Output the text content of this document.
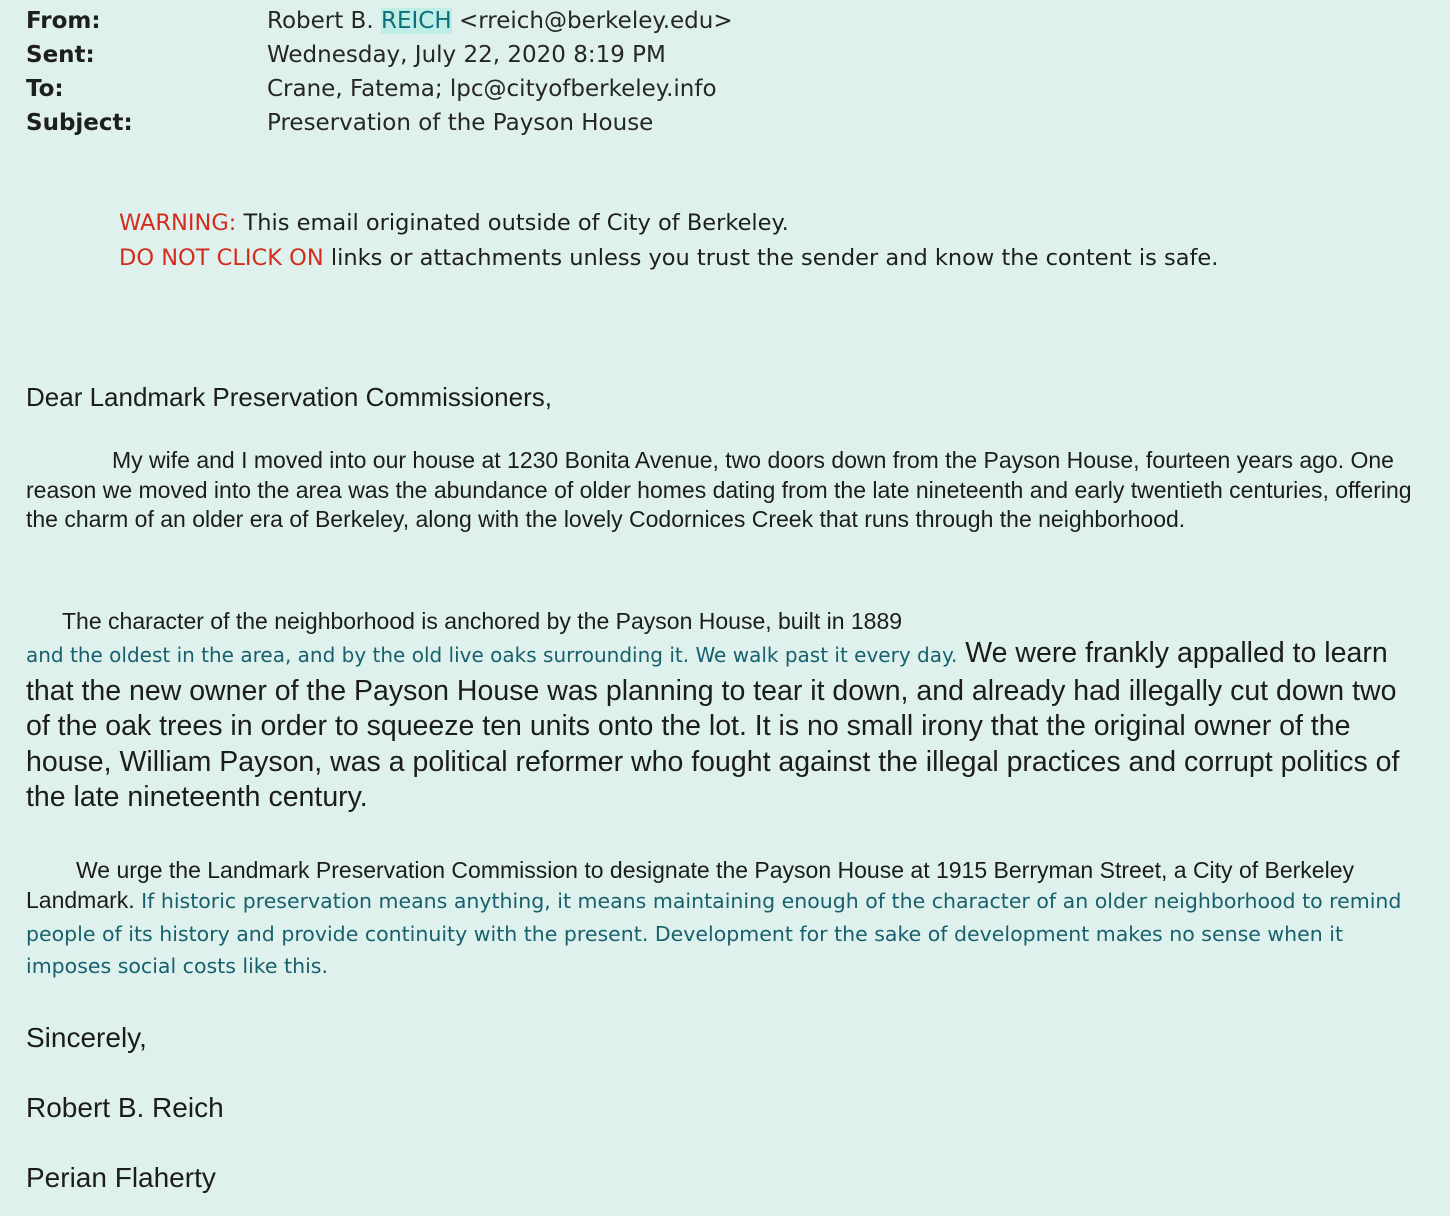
From:	Robert B. REICH <rreich@berkeley.edu>
Sent:	Wednesday, July 22, 2020 8:19 PM
To:	Crane, Fatema; lpc@cityofberkeley.info
Subject:	Preservation of the Payson House
WARNING: This email originated outside of City of Berkeley.
DO NOT CLICK ON links or attachments unless you trust the sender and know the content is safe.
Dear Landmark Preservation Commissioners,
My wife and I moved into our house at 1230 Bonita Avenue, two doors down from the Payson House, fourteen years ago. One reason we moved into the area was the abundance of older homes dating from the late nineteenth and early twentieth centuries, offering the charm of an older era of Berkeley, along with the lovely Codornices Creek that runs through the neighborhood.
The character of the neighborhood is anchored by the Payson House, built in 1889
and the oldest in the area, and by the old live oaks surrounding it. We walk past it every day. We were frankly appalled to learn that the new owner of the Payson House was planning to tear it down, and already had illegally cut down two of the oak trees in order to squeeze ten units onto the lot. It is no small irony that the original owner of the house, William Payson, was a political reformer who fought against the illegal practices and corrupt politics of the late nineteenth century.
We urge the Landmark Preservation Commission to designate the Payson House at 1915 Berryman Street, a City of Berkeley Landmark. If historic preservation means anything, it means maintaining enough of the character of an older neighborhood to remind people of its history and provide continuity with the present. Development for the sake of development makes no sense when it imposes social costs like this.
Sincerely,
Robert B. Reich
Perian Flaherty
